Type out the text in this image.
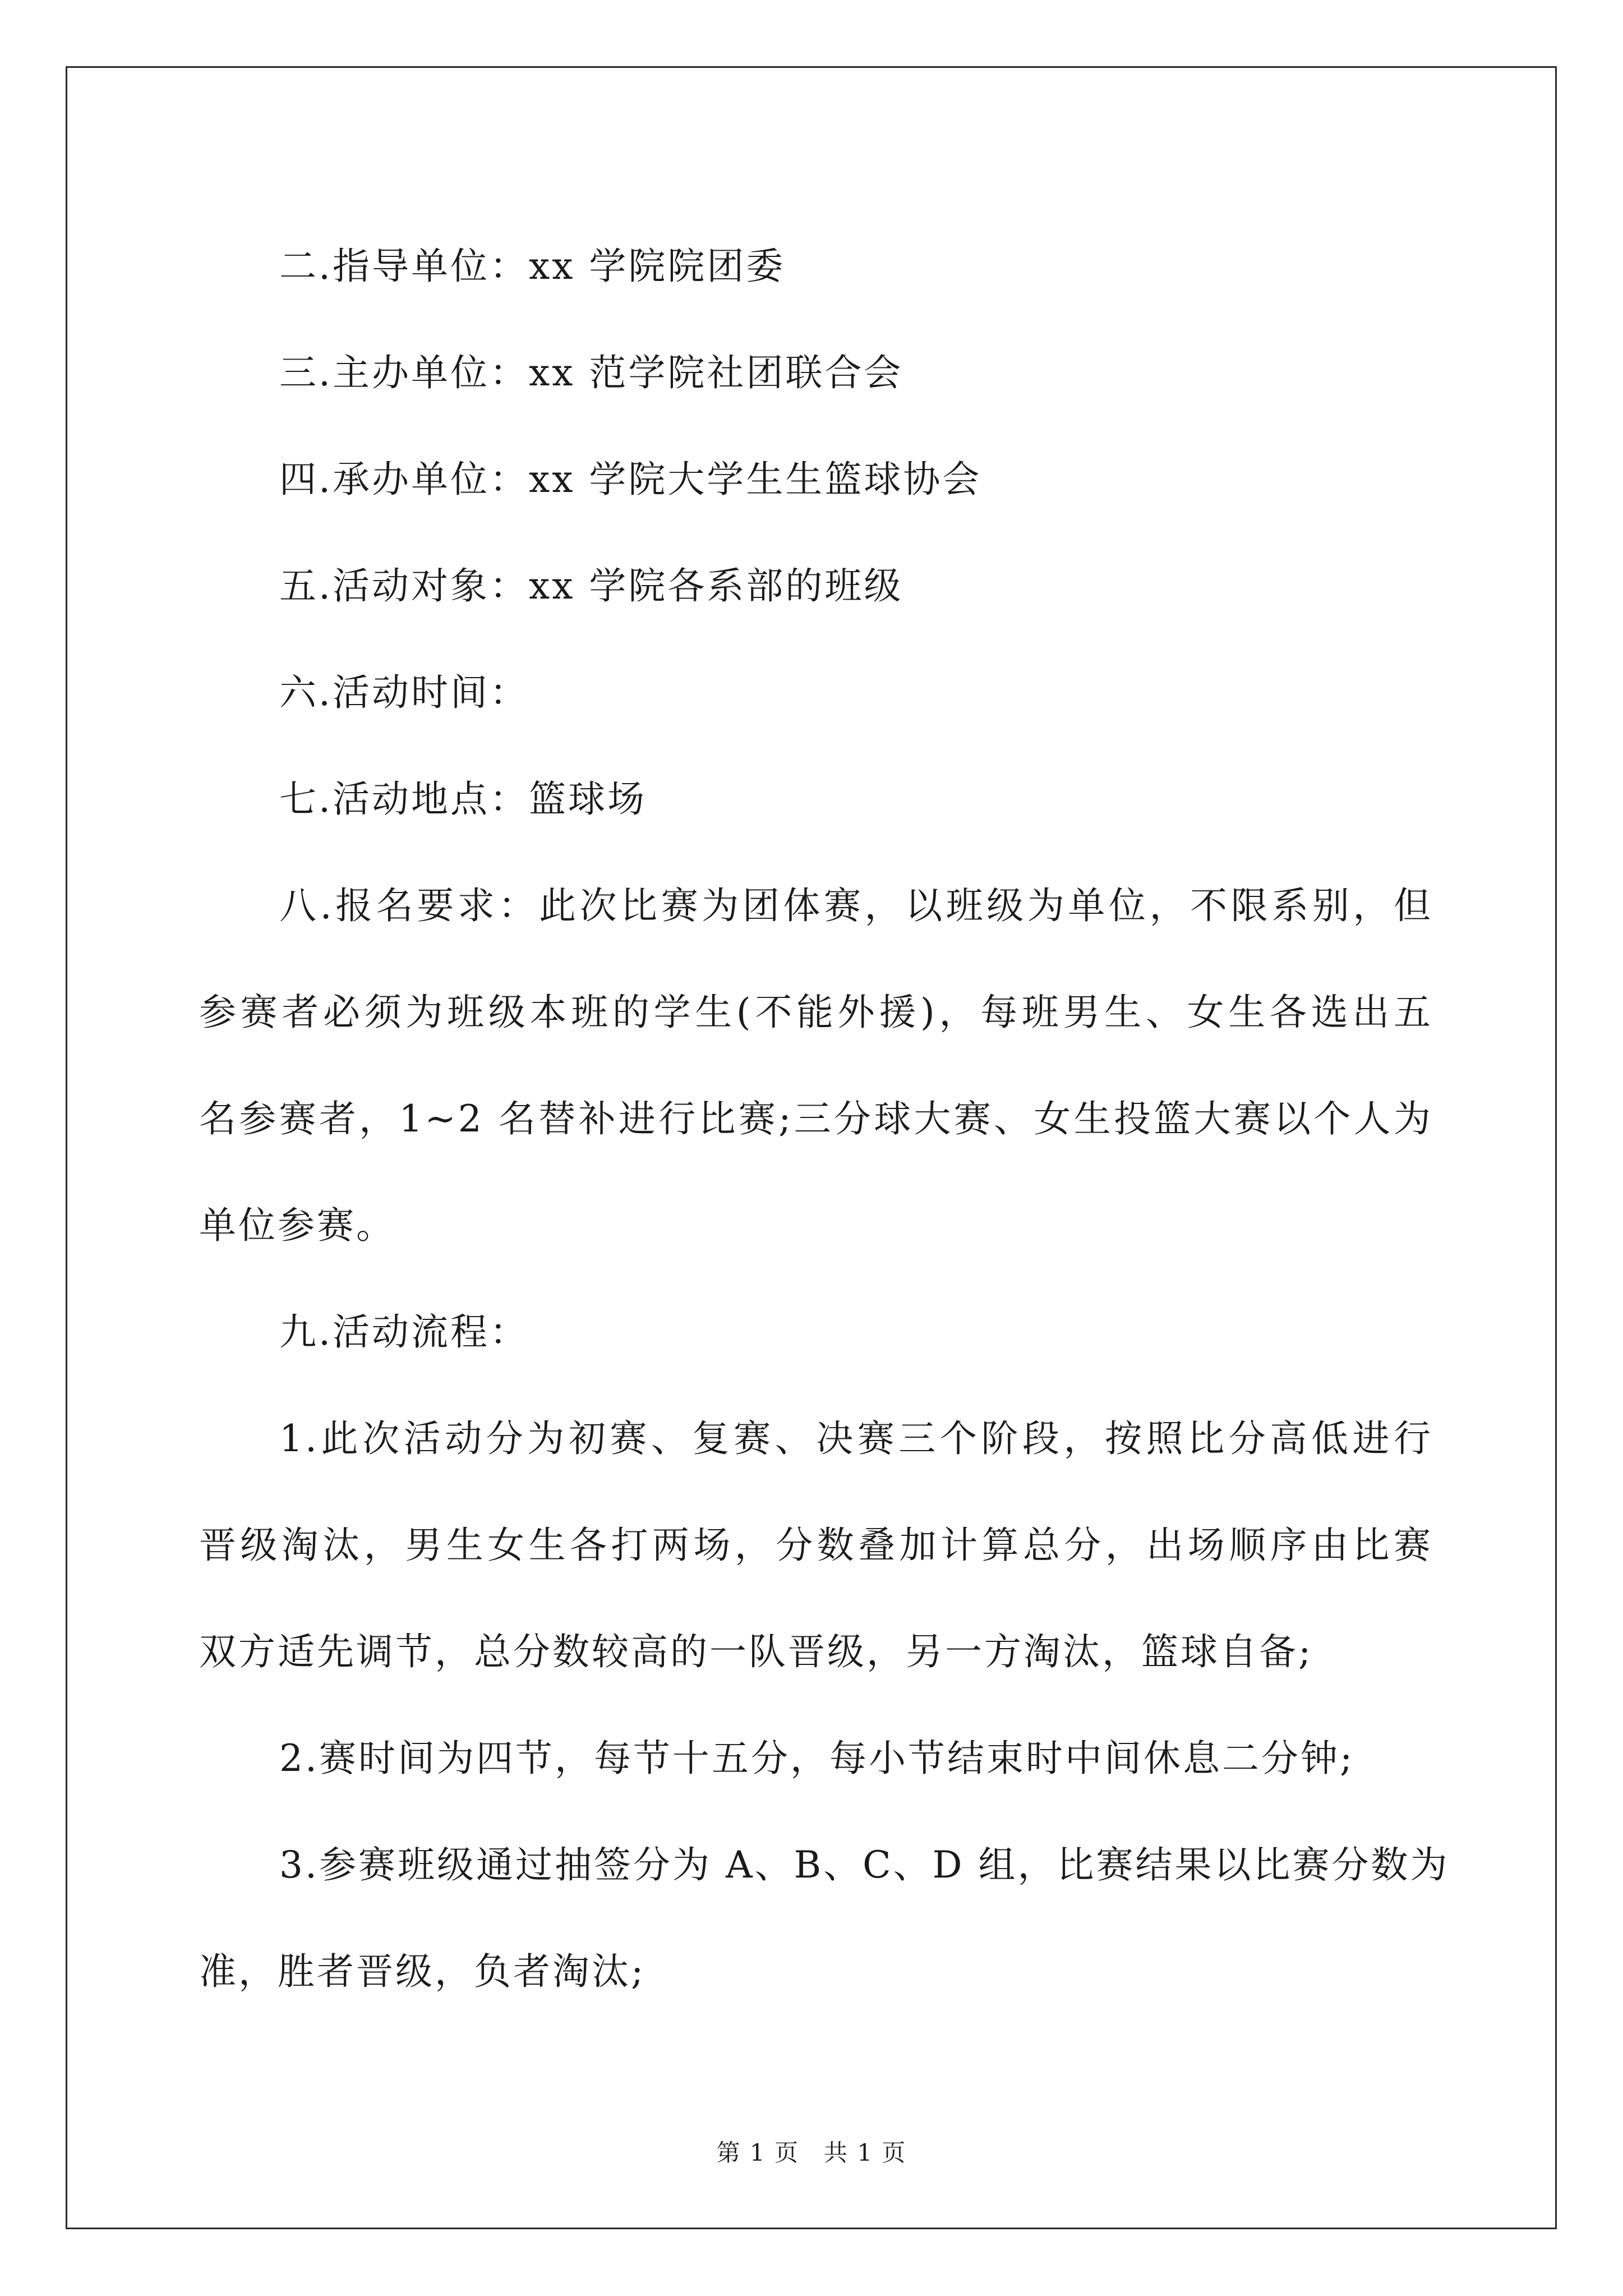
二.指导单位：xx 学院院团委

三.主办单位：xx 范学院社团联合会

四.承办单位：xx 学院大学生生篮球协会

五.活动对象：xx 学院各系部的班级

六.活动时间：

七.活动地点：篮球场

八.报名要求：此次比赛为团体赛，以班级为单位，不限系别，但
参赛者必须为班级本班的学生(不能外援)，每班男生、女生各选出五
名参赛者，1~2 名替补进行比赛;三分球大赛、女生投篮大赛以个人为
单位参赛。

九.活动流程：

1.此次活动分为初赛、复赛、决赛三个阶段，按照比分高低进行
晋级淘汰，男生女生各打两场，分数叠加计算总分，出场顺序由比赛
双方适先调节，总分数较高的一队晋级，另一方淘汰，篮球自备;
2.赛时间为四节，每节十五分，每小节结束时中间休息二分钟;
3.参赛班级通过抽签分为 A、B、C、D 组，比赛结果以比赛分数为
准，胜者晋级，负者淘汰;
第 1 页 共 1 页
